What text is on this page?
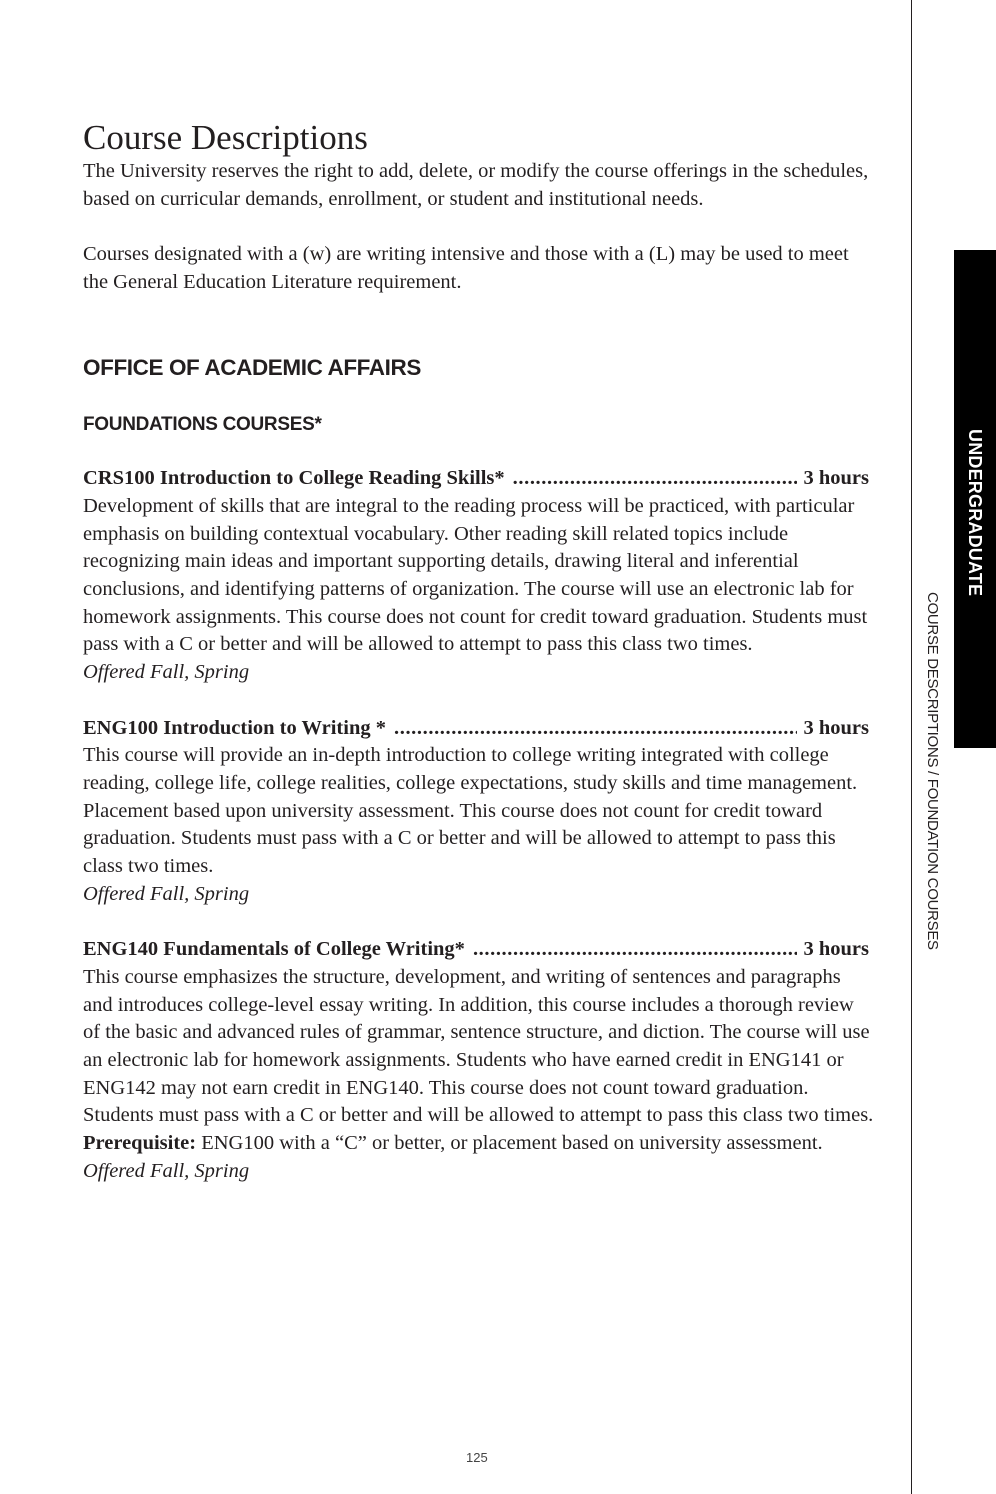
Course Descriptions

The University reserves the right to add, delete, or modify the course offerings in the schedules, based on curricular demands, enrollment, or student and institutional needs.

Courses designated with a (w) are writing intensive and those with a (L) may be used to meet the General Education Literature requirement.

OFFICE OF ACADEMIC AFFAIRS
FOUNDATIONS COURSES*
CRS100 Introduction to College Reading Skills* .....	3 hours

Development of skills that are integral to the reading process will be practiced, with particular emphasis on building contextual vocabulary. Other reading skill related topics include recognizing main ideas and important supporting details, drawing literal and inferential conclusions, and identifying patterns of organization. The course will use an electronic lab for homework assignments. This course does not count for credit toward graduation. Students must pass with a C or better and will be allowed to attempt to pass this class two times.

Offered Fall, Spring

ENG100 Introduction to Writing * .....	3 hours

This course will provide an in-depth introduction to college writing integrated with college reading, college life, college realities, college expectations, study skills and time management. Placement based upon university assessment. This course does not count for credit toward graduation. Students must pass with a C or better and will be allowed to attempt to pass this class two times.

Offered Fall, Spring

ENG140 Fundamentals of College Writing* .....	3 hours

This course emphasizes the structure, development, and writing of sentences and paragraphs and introduces college-level essay writing. In addition, this course includes a thorough review of the basic and advanced rules of grammar, sentence structure, and diction. The course will use an electronic lab for homework assignments. Students who have earned credit in ENG141 or ENG142 may not earn credit in ENG140. This course does not count toward graduation. Students must pass with a C or better and will be allowed to attempt to pass this class two times.

Prerequisite: ENG100 with a “C” or better, or placement based on university assessment.

Offered Fall, Spring

UNDERGRADUATE
COURSE DESCRIPTIONS / FOUNDATION COURSES
125
